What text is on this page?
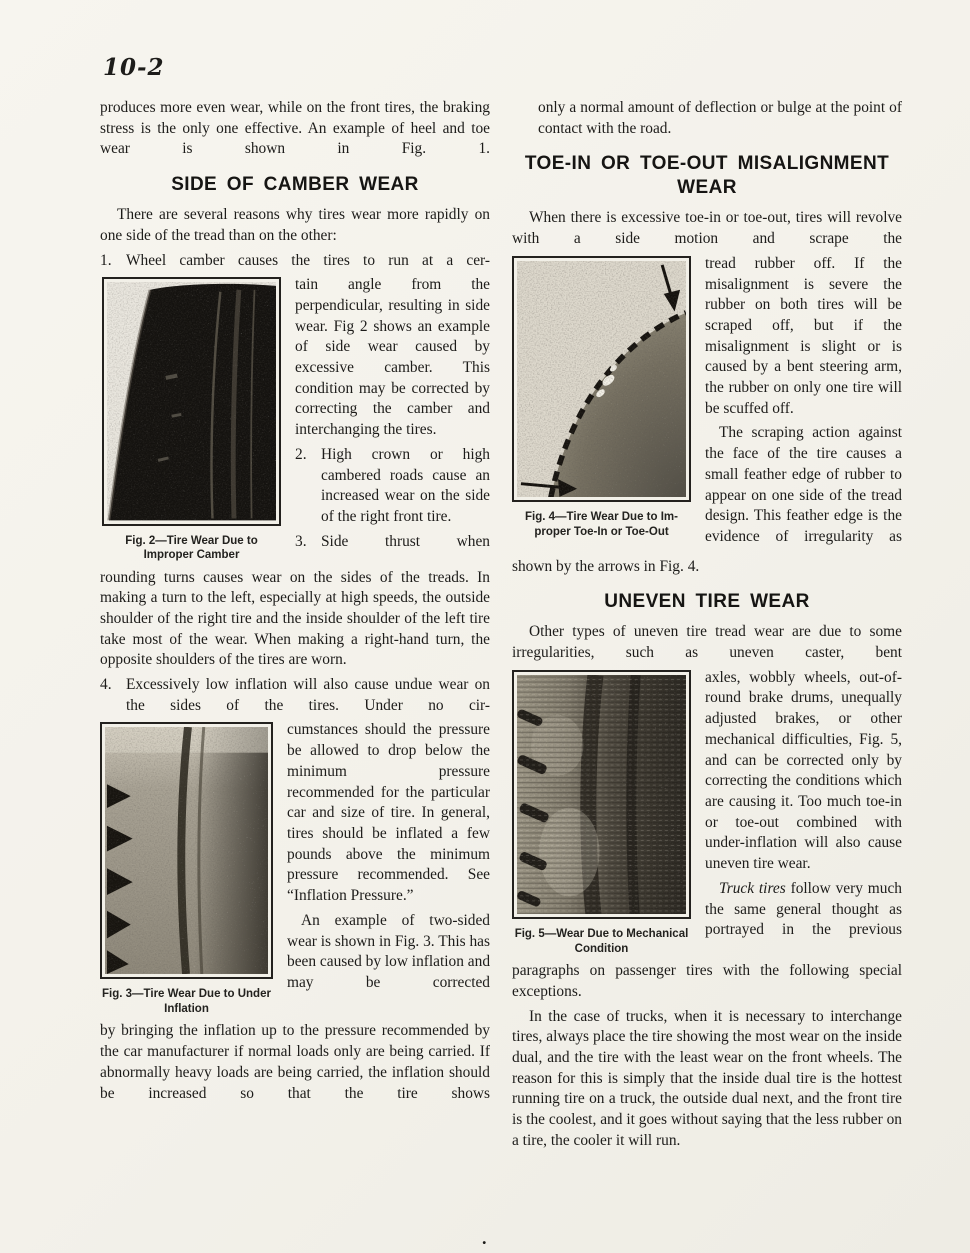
10-2

produces more even wear, while on the front tires, the braking stress is the only one effective. An example of heel and toe wear is shown in Fig. 1.

SIDE OF CAMBER WEAR

There are several reasons why tires wear more rapidly on one side of the tread than on the other:

1. Wheel camber causes the tires to run at a cer-

Fig. 2—Tire Wear Due to
Improper Camber

tain angle from the perpendicular, resulting in side wear. Fig 2 shows an example of side wear caused by excessive camber. This condition may be corrected by correcting the camber and interchanging the tires.

2. High crown or high cambered roads cause an increased wear on the side of the right front tire.

3. Side thrust when

rounding turns causes wear on the sides of the treads. In making a turn to the left, especially at high speeds, the outside shoulder of the right tire and the inside shoulder of the left tire take most of the wear. When making a right-hand turn, the opposite shoulders of the tires are worn.

4. Excessively low inflation will also cause undue wear on the sides of the tires. Under no cir-

Fig. 3—Tire Wear Due to Under
Inflation

cumstances should the pressure be allowed to drop below the minimum pressure recommended for the particular car and size of tire. In general, tires should be inflated a few pounds above the minimum pressure recommended. See “Inflation Pressure.”

An example of two-sided wear is shown in Fig. 3. This has been caused by low inflation and may be corrected

by bringing the inflation up to the pressure recommended by the car manufacturer if normal loads only are being carried. If abnormally heavy loads are being carried, the inflation should be increased so that the tire shows

only a normal amount of deflection or bulge at the point of contact with the road.

TOE-IN OR TOE-OUT MISALIGNMENT WEAR

When there is excessive toe-in or toe-out, tires will revolve with a side motion and scrape the

Fig. 4—Tire Wear Due to Im-
proper Toe-In or Toe-Out

tread rubber off. If the misalignment is severe the rubber on both tires will be scraped off, but if the misalignment is slight or is caused by a bent steering arm, the rubber on only one tire will be scuffed off.

The scraping action against the face of the tire causes a small feather edge of rubber to appear on one side of the tread design. This feather edge is the evidence of irregularity as

shown by the arrows in Fig. 4.

UNEVEN TIRE WEAR

Other types of uneven tire tread wear are due to some irregularities, such as uneven caster, bent

Fig. 5—Wear Due to Mechanical
Condition

axles, wobbly wheels, out-of-round brake drums, unequally adjusted brakes, or other mechanical difficulties, Fig. 5, and can be corrected only by correcting the conditions which are causing it. Too much toe-in or toe-out combined with under-inflation will also cause uneven tire wear.

Truck tires follow very much the same general thought as portrayed in the previous

paragraphs on passenger tires with the following special exceptions.

In the case of trucks, when it is necessary to interchange tires, always place the tire showing the most wear on the inside dual, and the tire with the least wear on the front wheels. The reason for this is simply that the inside dual tire is the hottest running tire on a truck, the outside dual next, and the front tire is the coolest, and it goes without saying that the less rubber on a tire, the cooler it will run.

.
